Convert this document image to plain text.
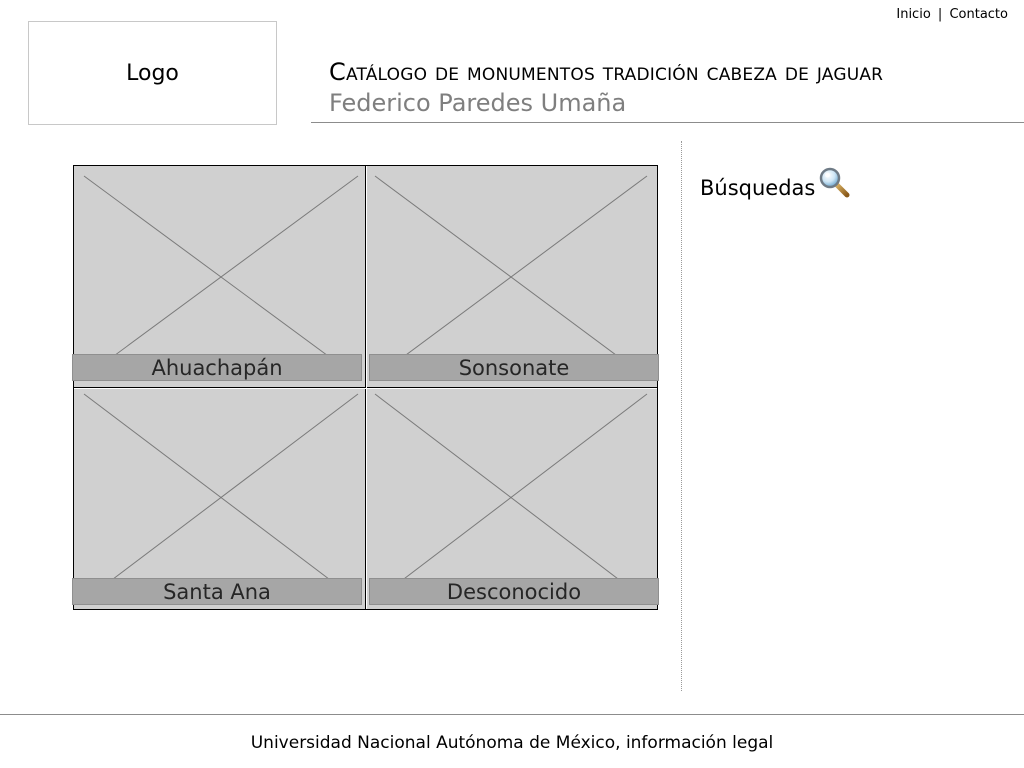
Inicio | Contacto
Logo	Catálogo de monumentos tradición cabeza de jaguar
Federico Paredes Umaña
Ahuachapán	Sonsonate
Santa Ana	Desconocido
Búsquedas
Universidad Nacional Autónoma de México, información legal
